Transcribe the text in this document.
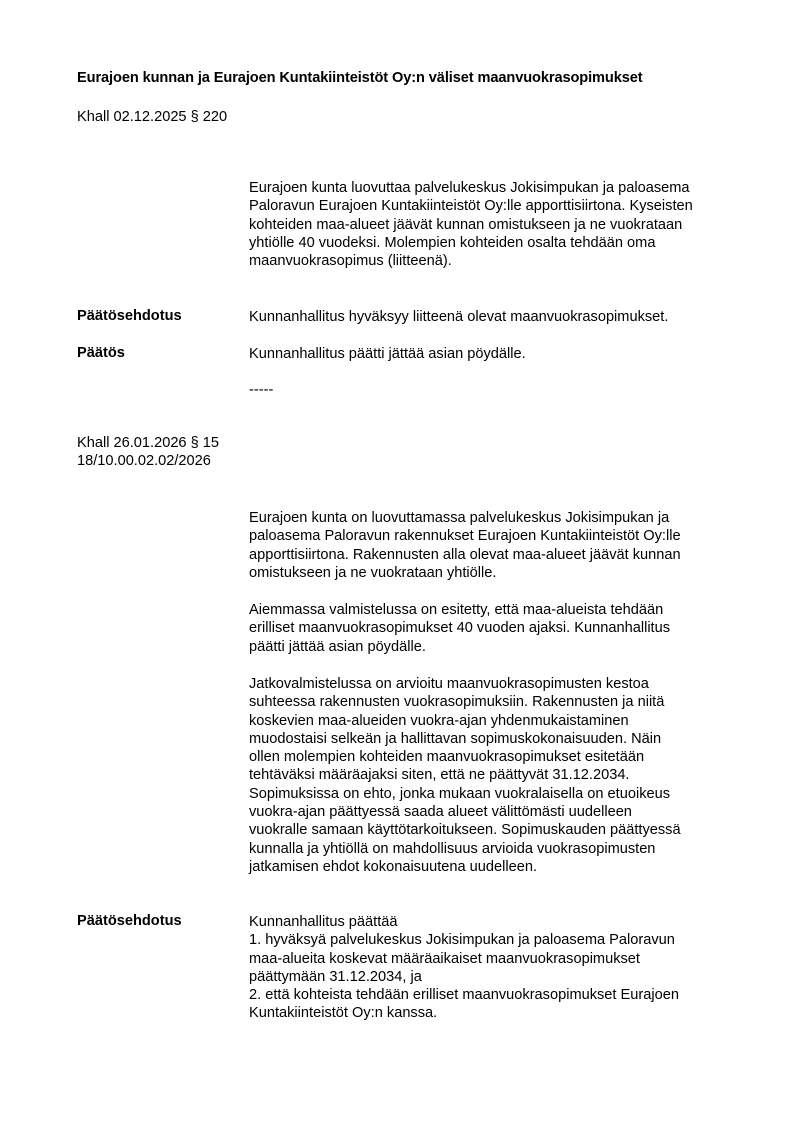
Eurajoen kunnan ja Eurajoen Kuntakiinteistöt Oy:n väliset maanvuokrasopimukset
Khall 02.12.2025 § 220
Eurajoen kunta luovuttaa palvelukeskus Jokisimpukan ja paloasema
Paloravun Eurajoen Kuntakiinteistöt Oy:lle apporttisiirtona. Kyseisten
kohteiden maa-alueet jäävät kunnan omistukseen ja ne vuokrataan
yhtiölle 40 vuodeksi. Molempien kohteiden osalta tehdään oma
maanvuokrasopimus (liitteenä).
Päätösehdotus	Kunnanhallitus hyväksyy liitteenä olevat maanvuokrasopimukset.
Päätös	Kunnanhallitus päätti jättää asian pöydälle.
-----
Khall 26.01.2026 § 15
18/10.00.02.02/2026
Eurajoen kunta on luovuttamassa palvelukeskus Jokisimpukan ja
paloasema Paloravun rakennukset Eurajoen Kuntakiinteistöt Oy:lle
apporttisiirtona. Rakennusten alla olevat maa-alueet jäävät kunnan
omistukseen ja ne vuokrataan yhtiölle.
Aiemmassa valmistelussa on esitetty, että maa-alueista tehdään
erilliset maanvuokrasopimukset 40 vuoden ajaksi. Kunnanhallitus
päätti jättää asian pöydälle.
Jatkovalmistelussa on arvioitu maanvuokrasopimusten kestoa
suhteessa rakennusten vuokrasopimuksiin. Rakennusten ja niitä
koskevien maa-alueiden vuokra-ajan yhdenmukaistaminen
muodostaisi selkeän ja hallittavan sopimuskokonaisuuden. Näin
ollen molempien kohteiden maanvuokrasopimukset esitetään
tehtäväksi määräajaksi siten, että ne päättyvät 31.12.2034.
Sopimuksissa on ehto, jonka mukaan vuokralaisella on etuoikeus
vuokra-ajan päättyessä saada alueet välittömästi uudelleen
vuokralle samaan käyttötarkoitukseen. Sopimuskauden päättyessä
kunnalla ja yhtiöllä on mahdollisuus arvioida vuokrasopimusten
jatkamisen ehdot kokonaisuutena uudelleen.
Päätösehdotus	Kunnanhallitus päättää
1. hyväksyä palvelukeskus Jokisimpukan ja paloasema Paloravun
maa-alueita koskevat määräaikaiset maanvuokrasopimukset
päättymään 31.12.2034, ja
2. että kohteista tehdään erilliset maanvuokrasopimukset Eurajoen
Kuntakiinteistöt Oy:n kanssa.
